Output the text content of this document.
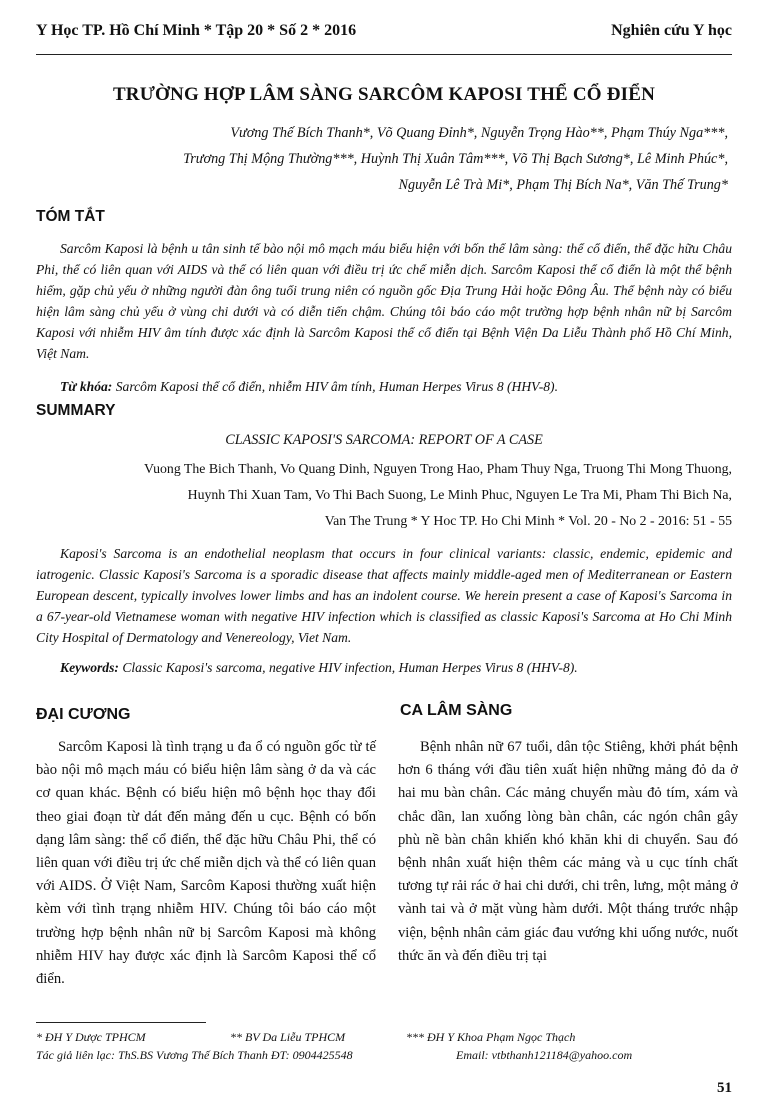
Y Học TP. Hồ Chí Minh * Tập 20 * Số 2 * 2016	Nghiên cứu Y học
TRƯỜNG HỢP LÂM SÀNG SARCÔM KAPOSI THỂ CỔ ĐIỂN
Vương Thế Bích Thanh*, Võ Quang Đỉnh*, Nguyễn Trọng Hào**, Phạm Thúy Nga***,
Trương Thị Mộng Thường***, Huỳnh Thị Xuân Tâm***, Võ Thị Bạch Sương*, Lê Minh Phúc*,
Nguyễn Lê Trà Mi*, Phạm Thị Bích Na*, Văn Thế Trung*
TÓM TẮT
Sarcôm Kaposi là bệnh u tân sinh tế bào nội mô mạch máu biểu hiện với bốn thể lâm sàng: thể cổ điển, thể đặc hữu Châu Phi, thể có liên quan với AIDS và thể có liên quan với điều trị ức chế miễn dịch. Sarcôm Kaposi thể cổ điển là một thể bệnh hiếm, gặp chủ yếu ở những người đàn ông tuổi trung niên có nguồn gốc Địa Trung Hải hoặc Đông Âu. Thể bệnh này có biểu hiện lâm sàng chủ yếu ở vùng chi dưới và có diễn tiến chậm. Chúng tôi báo cáo một trường hợp bệnh nhân nữ bị Sarcôm Kaposi với nhiễm HIV âm tính được xác định là Sarcôm Kaposi thể cổ điển tại Bệnh Viện Da Liễu Thành phố Hồ Chí Minh, Việt Nam.
Từ khóa: Sarcôm Kaposi thể cổ điển, nhiễm HIV âm tính, Human Herpes Virus 8 (HHV-8).
SUMMARY
CLASSIC KAPOSI'S SARCOMA: REPORT OF A CASE
Vuong The Bich Thanh, Vo Quang Dinh, Nguyen Trong Hao, Pham Thuy Nga, Truong Thi Mong Thuong,
Huynh Thi Xuan Tam, Vo Thi Bach Suong, Le Minh Phuc, Nguyen Le Tra Mi, Pham Thi Bich Na,
Van The Trung * Y Hoc TP. Ho Chi Minh * Vol. 20 - No 2 - 2016: 51 - 55
Kaposi's Sarcoma is an endothelial neoplasm that occurs in four clinical variants: classic, endemic, epidemic and iatrogenic. Classic Kaposi's Sarcoma is a sporadic disease that affects mainly middle-aged men of Mediterranean or Eastern European descent, typically involves lower limbs and has an indolent course. We herein present a case of Kaposi's Sarcoma in a 67-year-old Vietnamese woman with negative HIV infection which is classified as classic Kaposi's Sarcoma at Ho Chi Minh City Hospital of Dermatology and Venereology, Viet Nam.
Keywords: Classic Kaposi's sarcoma, negative HIV infection, Human Herpes Virus 8 (HHV-8).
ĐẠI CƯƠNG

Sarcôm Kaposi là tình trạng u đa ổ có nguồn gốc từ tế bào nội mô mạch máu có biểu hiện lâm sàng ở da và các cơ quan khác. Bệnh có biểu hiện mô bệnh học thay đổi theo giai đoạn từ dát đến mảng đến u cục. Bệnh có bốn dạng lâm sàng: thể cổ điển, thể đặc hữu Châu Phi, thể có liên quan với điều trị ức chế miễn dịch và thể có liên quan với AIDS. Ở Việt Nam, Sarcôm Kaposi thường xuất hiện kèm với tình trạng nhiễm HIV. Chúng tôi báo cáo một trường hợp bệnh nhân nữ bị Sarcôm Kaposi mà không nhiễm HIV hay được xác định là Sarcôm Kaposi thể cổ điển.

CA LÂM SÀNG

Bệnh nhân nữ 67 tuổi, dân tộc Stiêng, khởi phát bệnh hơn 6 tháng với đầu tiên xuất hiện những mảng đỏ da ở hai mu bàn chân. Các mảng chuyển màu đỏ tím, xám và chắc dần, lan xuống lòng bàn chân, các ngón chân gây phù nề bàn chân khiến khó khăn khi di chuyển. Sau đó bệnh nhân xuất hiện thêm các mảng và u cục tính chất tương tự rải rác ở hai chi dưới, chi trên, lưng, một mảng ở vành tai và ở mặt vùng hàm dưới. Một tháng trước nhập viện, bệnh nhân cảm giác đau vướng khi uống nước, nuốt thức ăn và đến điều trị tại

* ĐH Y Dược TPHCM	** BV Da Liễu TPHCM	*** ĐH Y Khoa Phạm Ngọc Thạch
Tác giả liên lạc: ThS.BS Vương Thế Bích Thanh ĐT: 0904425548	Email: vtbthanh121184@yahoo.com
51
